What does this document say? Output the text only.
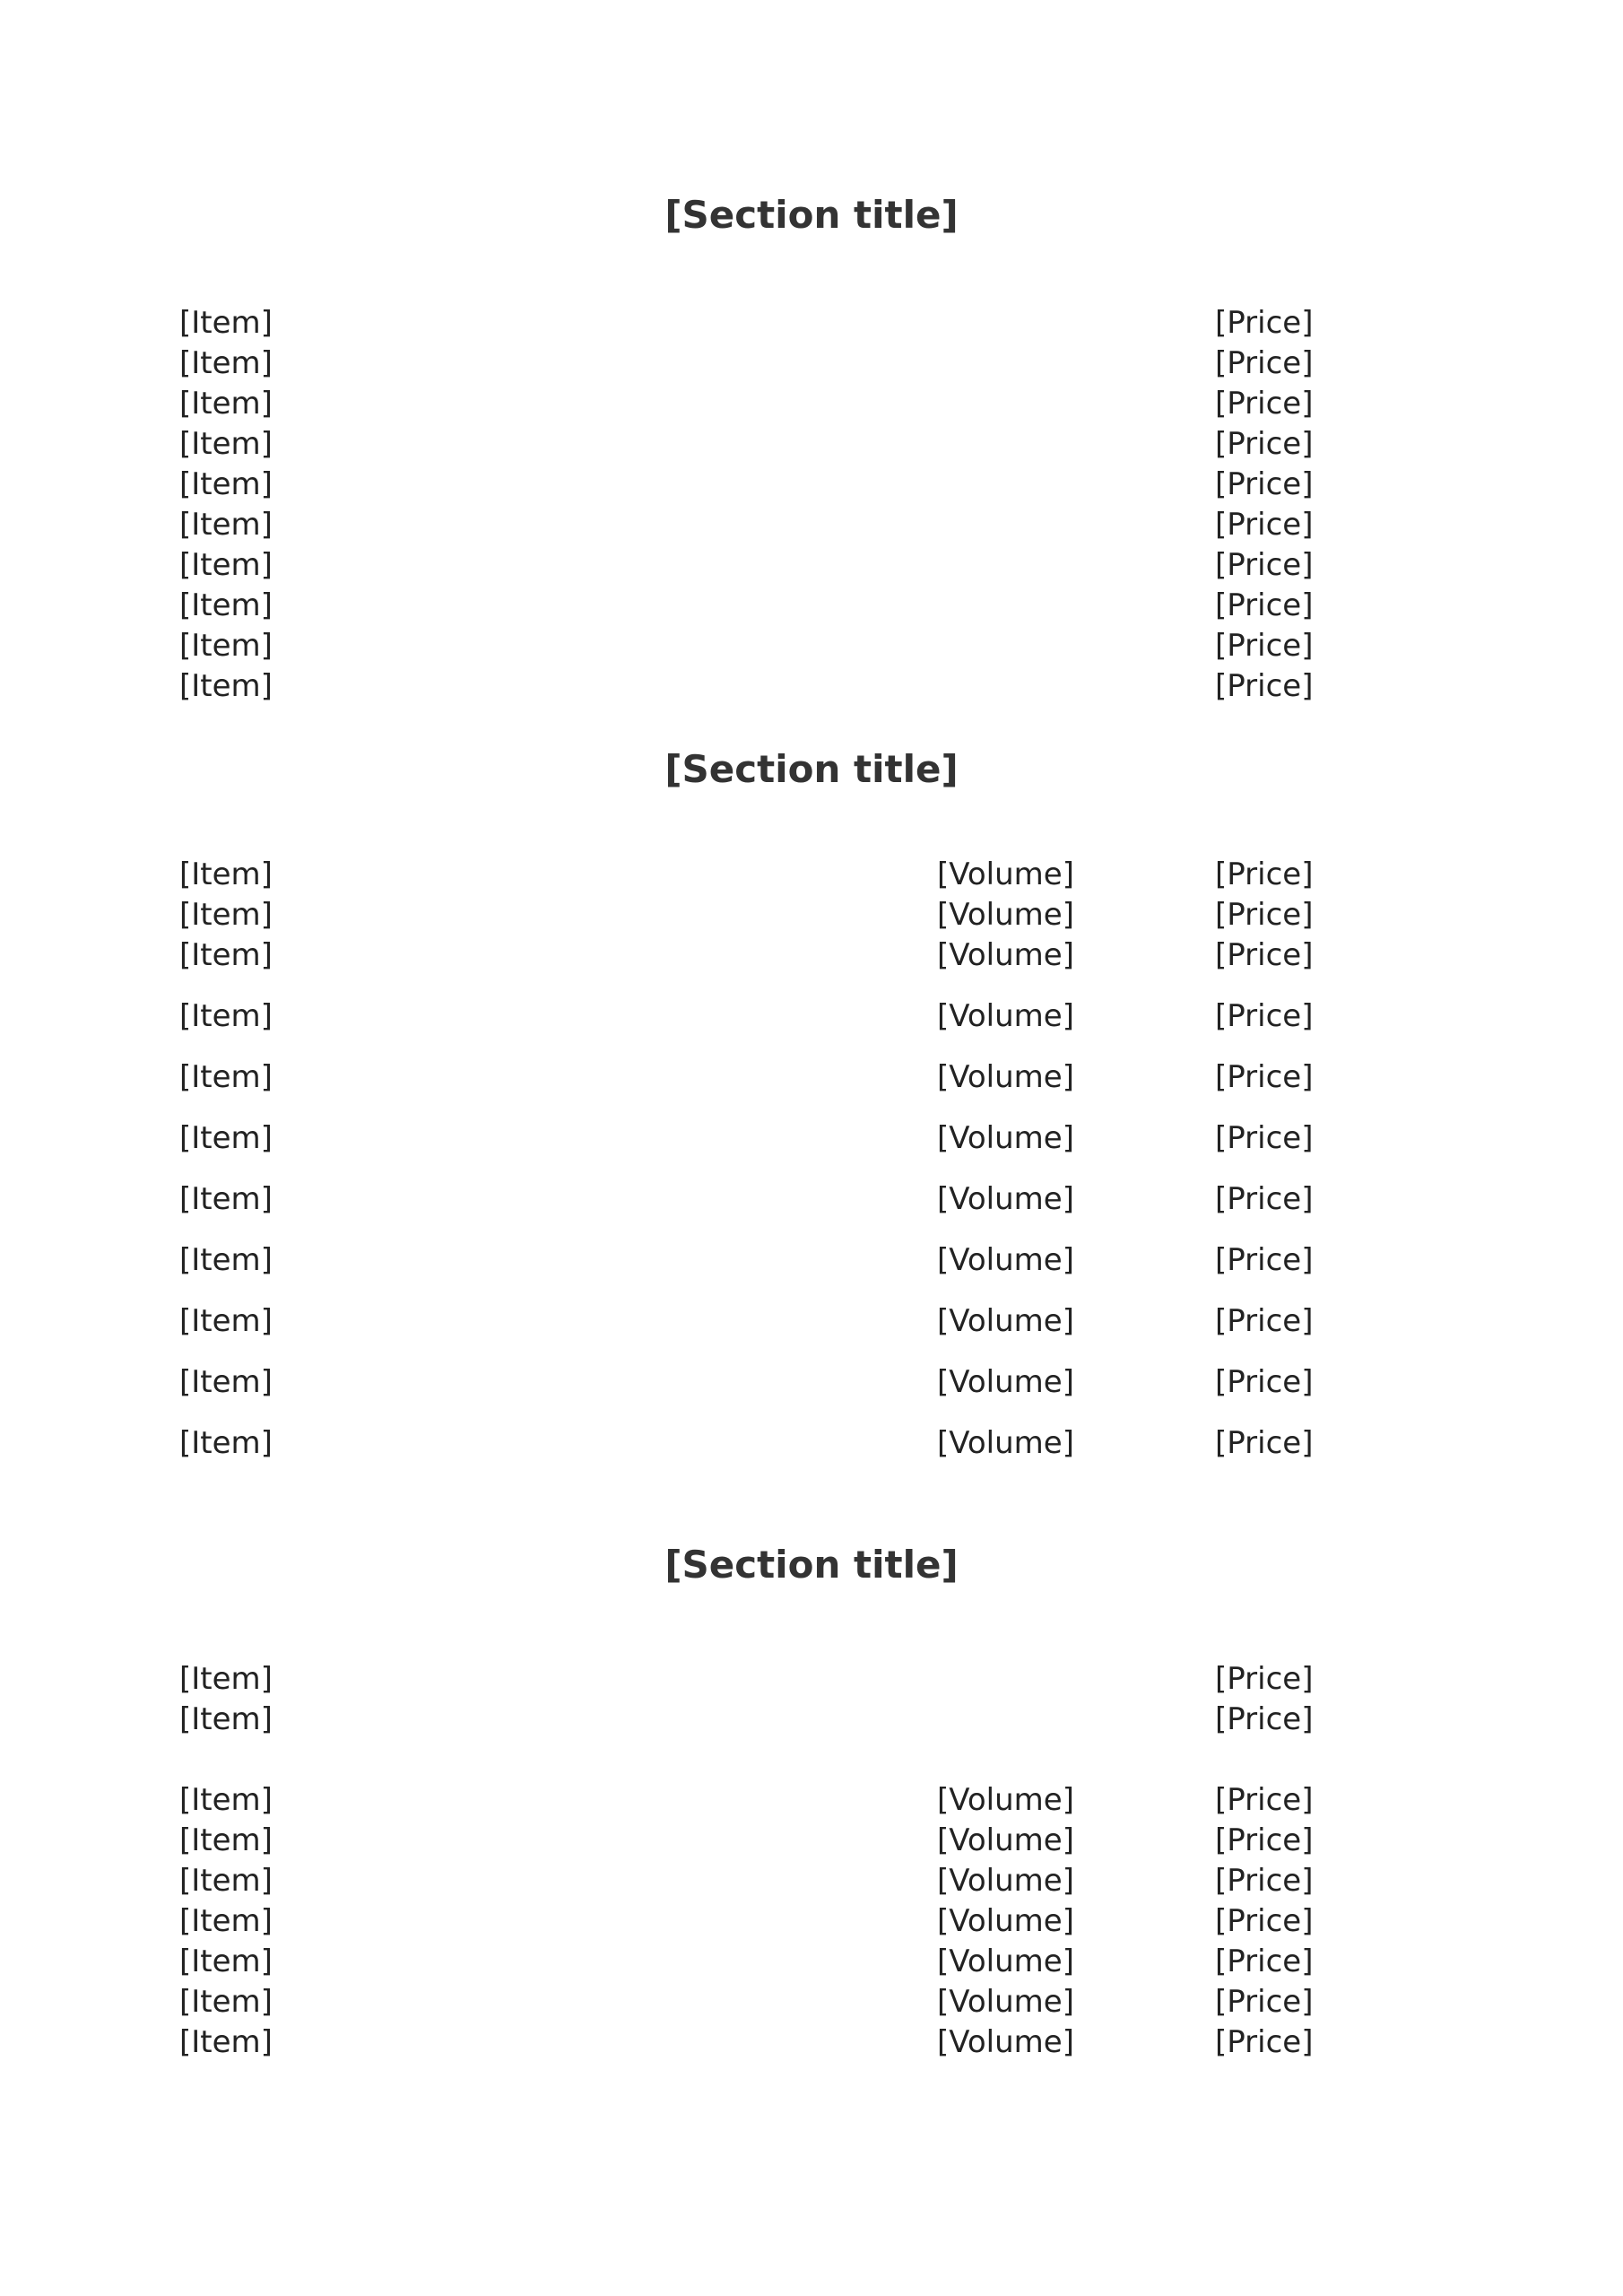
[Section title]
[Item]	[Price]
[Item]	[Price]
[Item]	[Price]
[Item]	[Price]
[Item]	[Price]
[Item]	[Price]
[Item]	[Price]
[Item]	[Price]
[Item]	[Price]
[Item]	[Price]
[Section title]
[Item]	[Volume]	[Price]
[Item]	[Volume]	[Price]
[Item]	[Volume]	[Price]
[Item]	[Volume]	[Price]
[Item]	[Volume]	[Price]
[Item]	[Volume]	[Price]
[Item]	[Volume]	[Price]
[Item]	[Volume]	[Price]
[Item]	[Volume]	[Price]
[Item]	[Volume]	[Price]
[Item]	[Volume]	[Price]
[Section title]
[Item]	[Price]
[Item]	[Price]
[Item]	[Volume]	[Price]
[Item]	[Volume]	[Price]
[Item]	[Volume]	[Price]
[Item]	[Volume]	[Price]
[Item]	[Volume]	[Price]
[Item]	[Volume]	[Price]
[Item]	[Volume]	[Price]
